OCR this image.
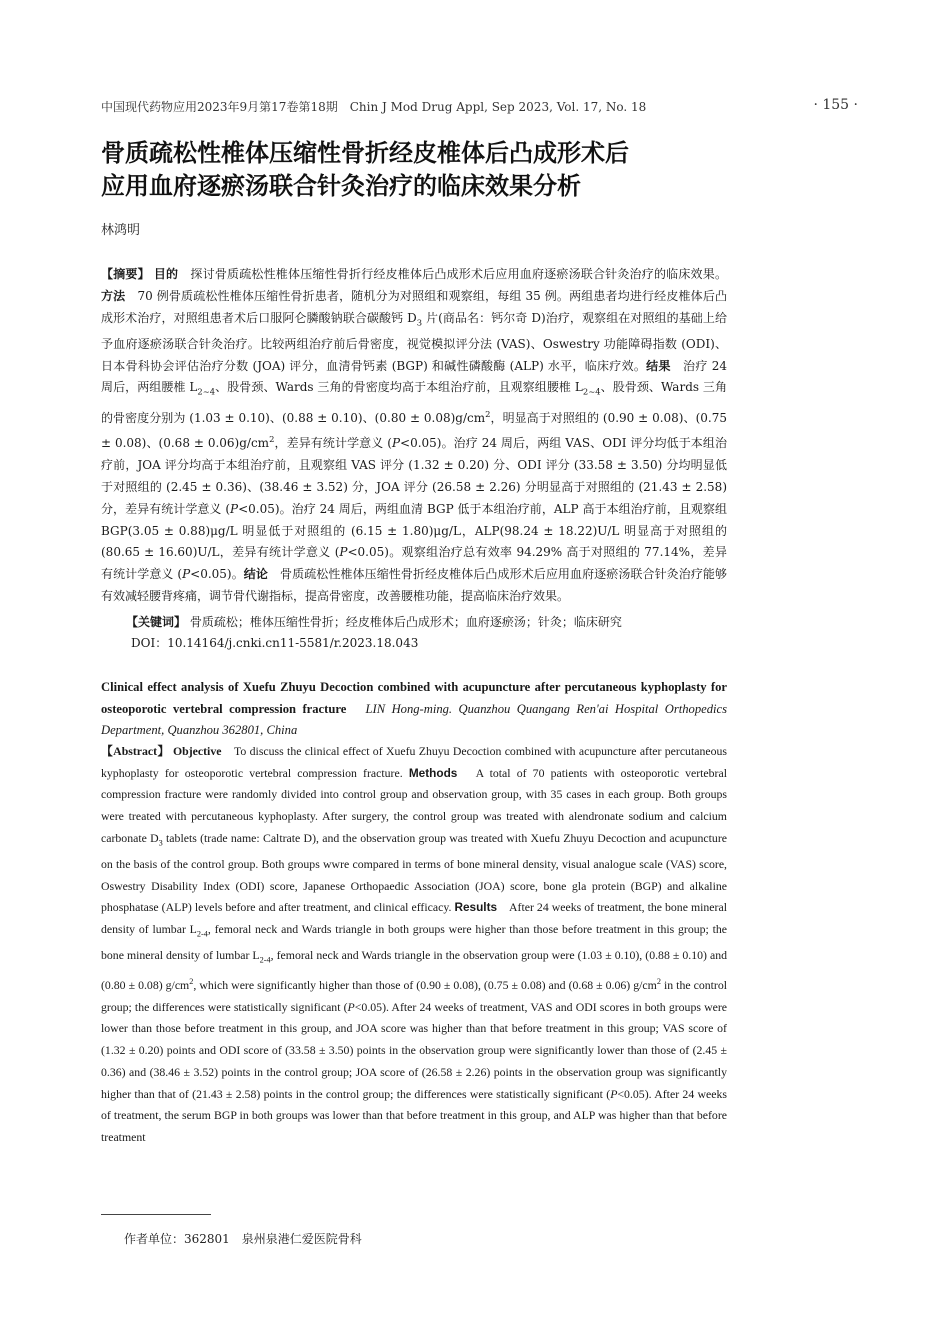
中国现代药物应用2023年9月第17卷第18期　Chin J Mod Drug Appl, Sep 2023, Vol. 17, No. 18	· 155 ·
骨质疏松性椎体压缩性骨折经皮椎体后凸成形术后
应用血府逐瘀汤联合针灸治疗的临床效果分析
林鸿明

【摘要】 目的　 探讨骨质疏松性椎体压缩性骨折行经皮椎体后凸成形术后应用血府逐瘀汤联合针灸治疗的临床效果。方法　 70 例骨质疏松性椎体压缩性骨折患者，随机分为对照组和观察组，每组 35 例。两组患者均进行经皮椎体后凸成形术治疗，对照组患者术后口服阿仑膦酸钠联合碳酸钙 $D_3$ 片(商品名：钙尔奇 D)治疗，观察组在对照组的基础上给予血府逐瘀汤联合针灸治疗。比较两组治疗前后骨密度，视觉模拟评分法 (VAS)、Oswestry 功能障碍指数 (ODI)、日本骨科协会评估治疗分数 (JOA) 评分，血清骨钙素 (BGP) 和碱性磷酸酶 (ALP) 水平，临床疗效。结果　 治疗 24 周后，两组腰椎 $L_{2\sim 4}$、股骨颈、Wards 三角的骨密度均高于本组治疗前，且观察组腰椎 $L_{2\sim 4}$、股骨颈、Wards 三角的骨密度分别为 (1.03 ± 0.10)、(0.88 ± 0.10)、$(0.80 \pm 0.08)g/cm^2$，明显高于对照组的 (0.90 ± 0.08)、(0.75 ± 0.08)、$(0.68 \pm 0.06)g/cm^2$，差异有统计学意义 (P<0.05)。治疗 24 周后，两组 VAS、ODI 评分均低于本组治疗前，JOA 评分均高于本组治疗前，且观察组 VAS 评分 (1.32 ± 0.20) 分、ODI 评分 (33.58 ± 3.50) 分均明显低于对照组的 (2.45 ± 0.36)、(38.46 ± 3.52) 分，JOA 评分 (26.58 ± 2.26) 分明显高于对照组的 (21.43 ± 2.58) 分，差异有统计学意义 (P<0.05)。治疗 24 周后，两组血清 BGP 低于本组治疗前，ALP 高于本组治疗前，且观察组 BGP(3.05 ± 0.88)μg/L 明显低于对照组的 (6.15 ± 1.80)μg/L，ALP(98.24 ± 18.22)U/L 明显高于对照组的 (80.65 ± 16.60)U/L，差异有统计学意义 (P<0.05)。观察组治疗总有效率 94.29% 高于对照组的 77.14%，差异有统计学意义 (P<0.05)。结论　 骨质疏松性椎体压缩性骨折经皮椎体后凸成形术后应用血府逐瘀汤联合针灸治疗能够有效减轻腰背疼痛，调节骨代谢指标，提高骨密度，改善腰椎功能，提高临床治疗效果。

【关键词】 骨质疏松；椎体压缩性骨折；经皮椎体后凸成形术；血府逐瘀汤；针灸；临床研究

DOI：10.14164/j.cnki.cn11-5581/r.2023.18.043

Clinical effect analysis of Xuefu Zhuyu Decoction combined with acupuncture after percutaneous kyphoplasty for osteoporotic vertebral compression fracture　 LIN Hong-ming. Quanzhou Quangang Ren'ai Hospital Orthopedics Department, Quanzhou 362801, China

【Abstract】 Objective　 To discuss the clinical effect of Xuefu Zhuyu Decoction combined with acupuncture after percutaneous kyphoplasty for osteoporotic vertebral compression fracture. Methods　 A total of 70 patients with osteoporotic vertebral compression fracture were randomly divided into control group and observation group, with 35 cases in each group. Both groups were treated with percutaneous kyphoplasty. After surgery, the control group was treated with alendronate sodium and calcium carbonate $D_3$ tablets (trade name: Caltrate D), and the observation group was treated with Xuefu Zhuyu Decoction and acupuncture on the basis of the control group. Both groups wwre compared in terms of bone mineral density, visual analogue scale (VAS) score, Oswestry Disability Index (ODI) score, Japanese Orthopaedic Association (JOA) score, bone gla protein (BGP) and alkaline phosphatase (ALP) levels before and after treatment, and clinical efficacy. Results　 After 24 weeks of treatment, the bone mineral density of lumbar $L_{2-4}$, femoral neck and Wards triangle in both groups were higher than those before treatment in this group; the bone mineral density of lumbar $L_{2-4}$, femoral neck and Wards triangle in the observation group were (1.03 ± 0.10), (0.88 ± 0.10) and (0.80 ± 0.08) $g/cm^2$, which were significantly higher than those of (0.90 ± 0.08), (0.75 ± 0.08) and (0.68 ± 0.06) $g/cm^2$ in the control group; the differences were statistically significant (P<0.05). After 24 weeks of treatment, VAS and ODI scores in both groups were lower than those before treatment in this group, and JOA score was higher than that before treatment in this group; VAS score of (1.32 ± 0.20) points and ODI score of (33.58 ± 3.50) points in the observation group were significantly lower than those of (2.45 ± 0.36) and (38.46 ± 3.52) points in the control group; JOA score of (26.58 ± 2.26) points in the observation group was significantly higher than that of (21.43 ± 2.58) points in the control group; the differences were statistically significant (P<0.05). After 24 weeks of treatment, the serum BGP in both groups was lower than that before treatment in this group, and ALP was higher than that before treatment

作者单位：362801　泉州泉港仁爱医院骨科
